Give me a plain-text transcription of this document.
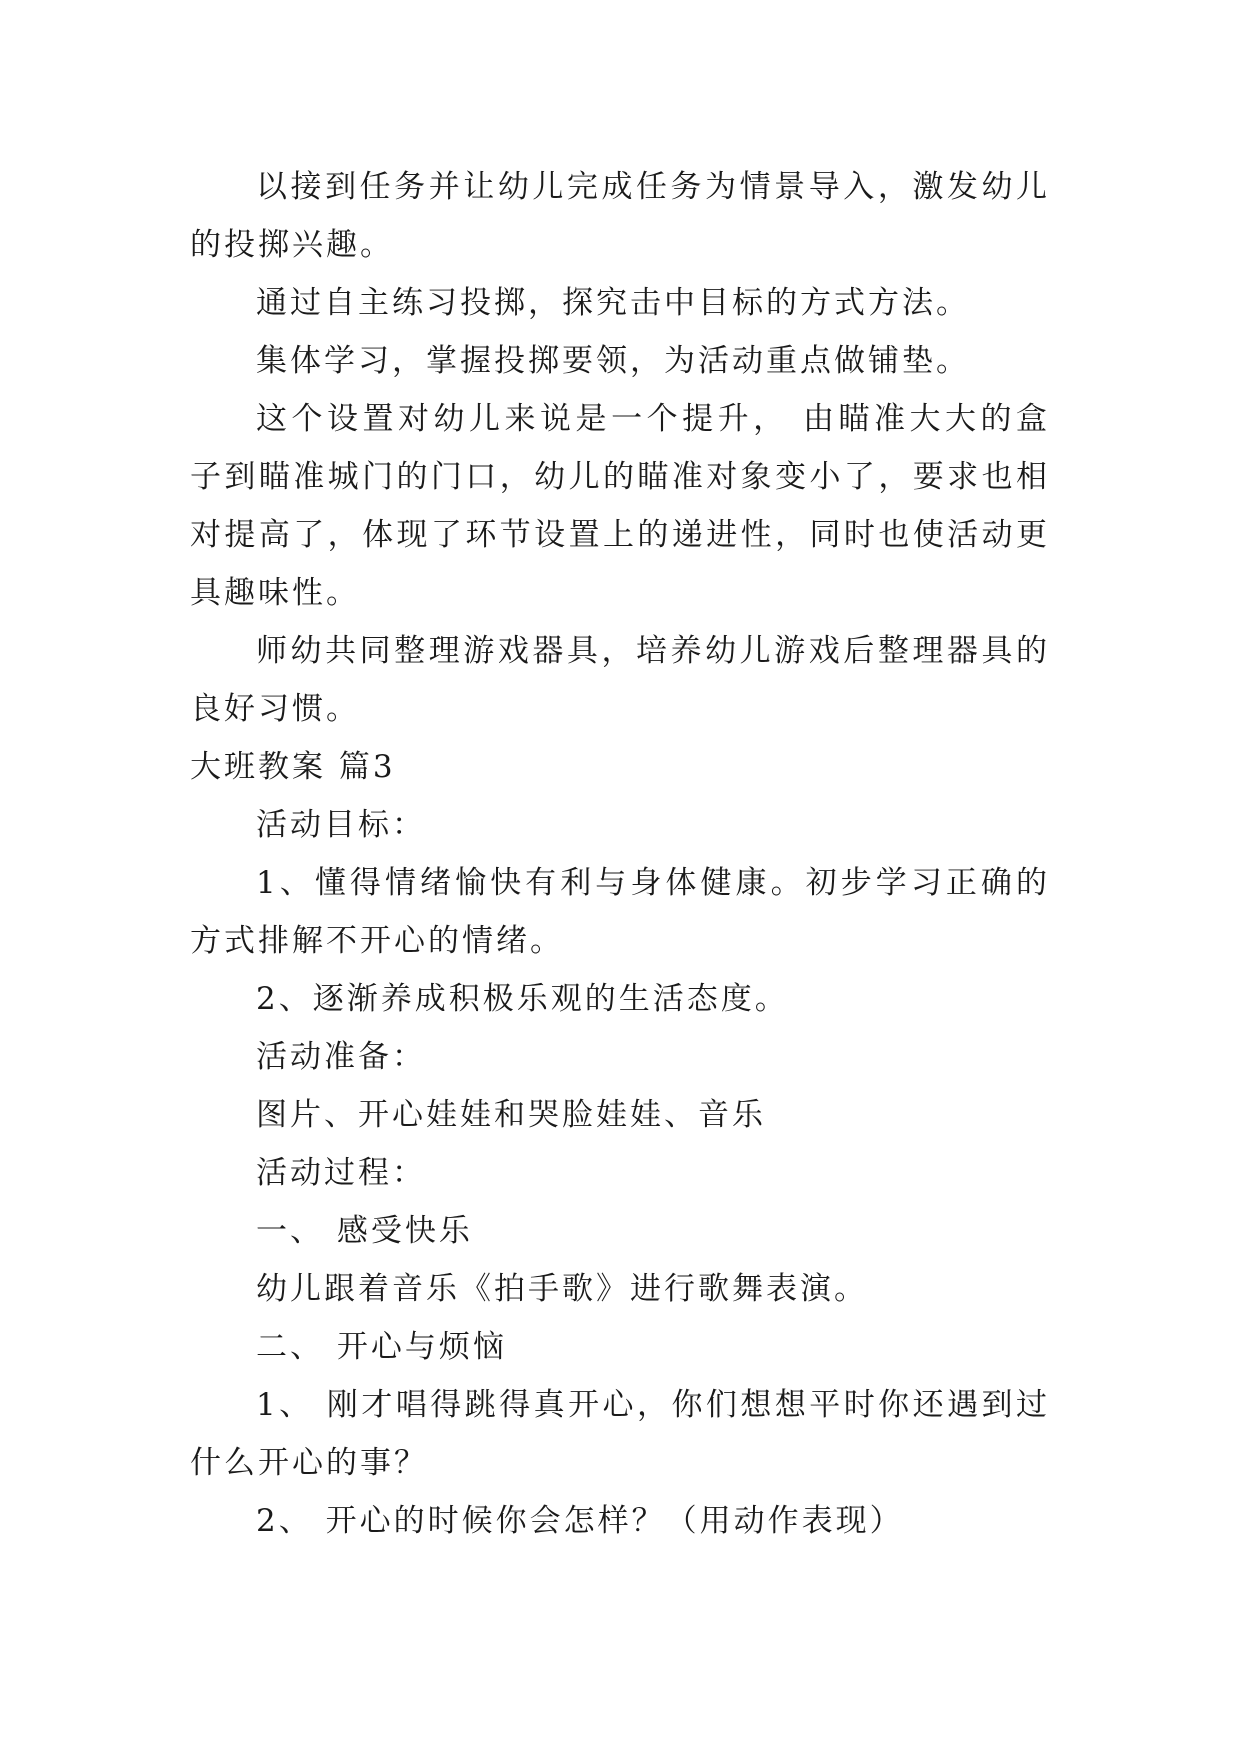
以接到任务并让幼儿完成任务为情景导入，激发幼儿的投掷兴趣。

通过自主练习投掷，探究击中目标的方式方法。

集体学习，掌握投掷要领，为活动重点做铺垫。

这个设置对幼儿来说是一个提升， 由瞄准大大的盒子到瞄准城门的门口，幼儿的瞄准对象变小了，要求也相对提高了，体现了环节设置上的递进性，同时也使活动更具趣味性。

师幼共同整理游戏器具，培养幼儿游戏后整理器具的良好习惯。

大班教案 篇3

活动目标：

1、懂得情绪愉快有利与身体健康。初步学习正确的方式排解不开心的情绪。

2、逐渐养成积极乐观的生活态度。

活动准备：

图片、开心娃娃和哭脸娃娃、音乐

活动过程：

一、 感受快乐

幼儿跟着音乐《拍手歌》进行歌舞表演。

二、 开心与烦恼

1、 刚才唱得跳得真开心，你们想想平时你还遇到过什么开心的事？

2、 开心的时候你会怎样？（用动作表现）
